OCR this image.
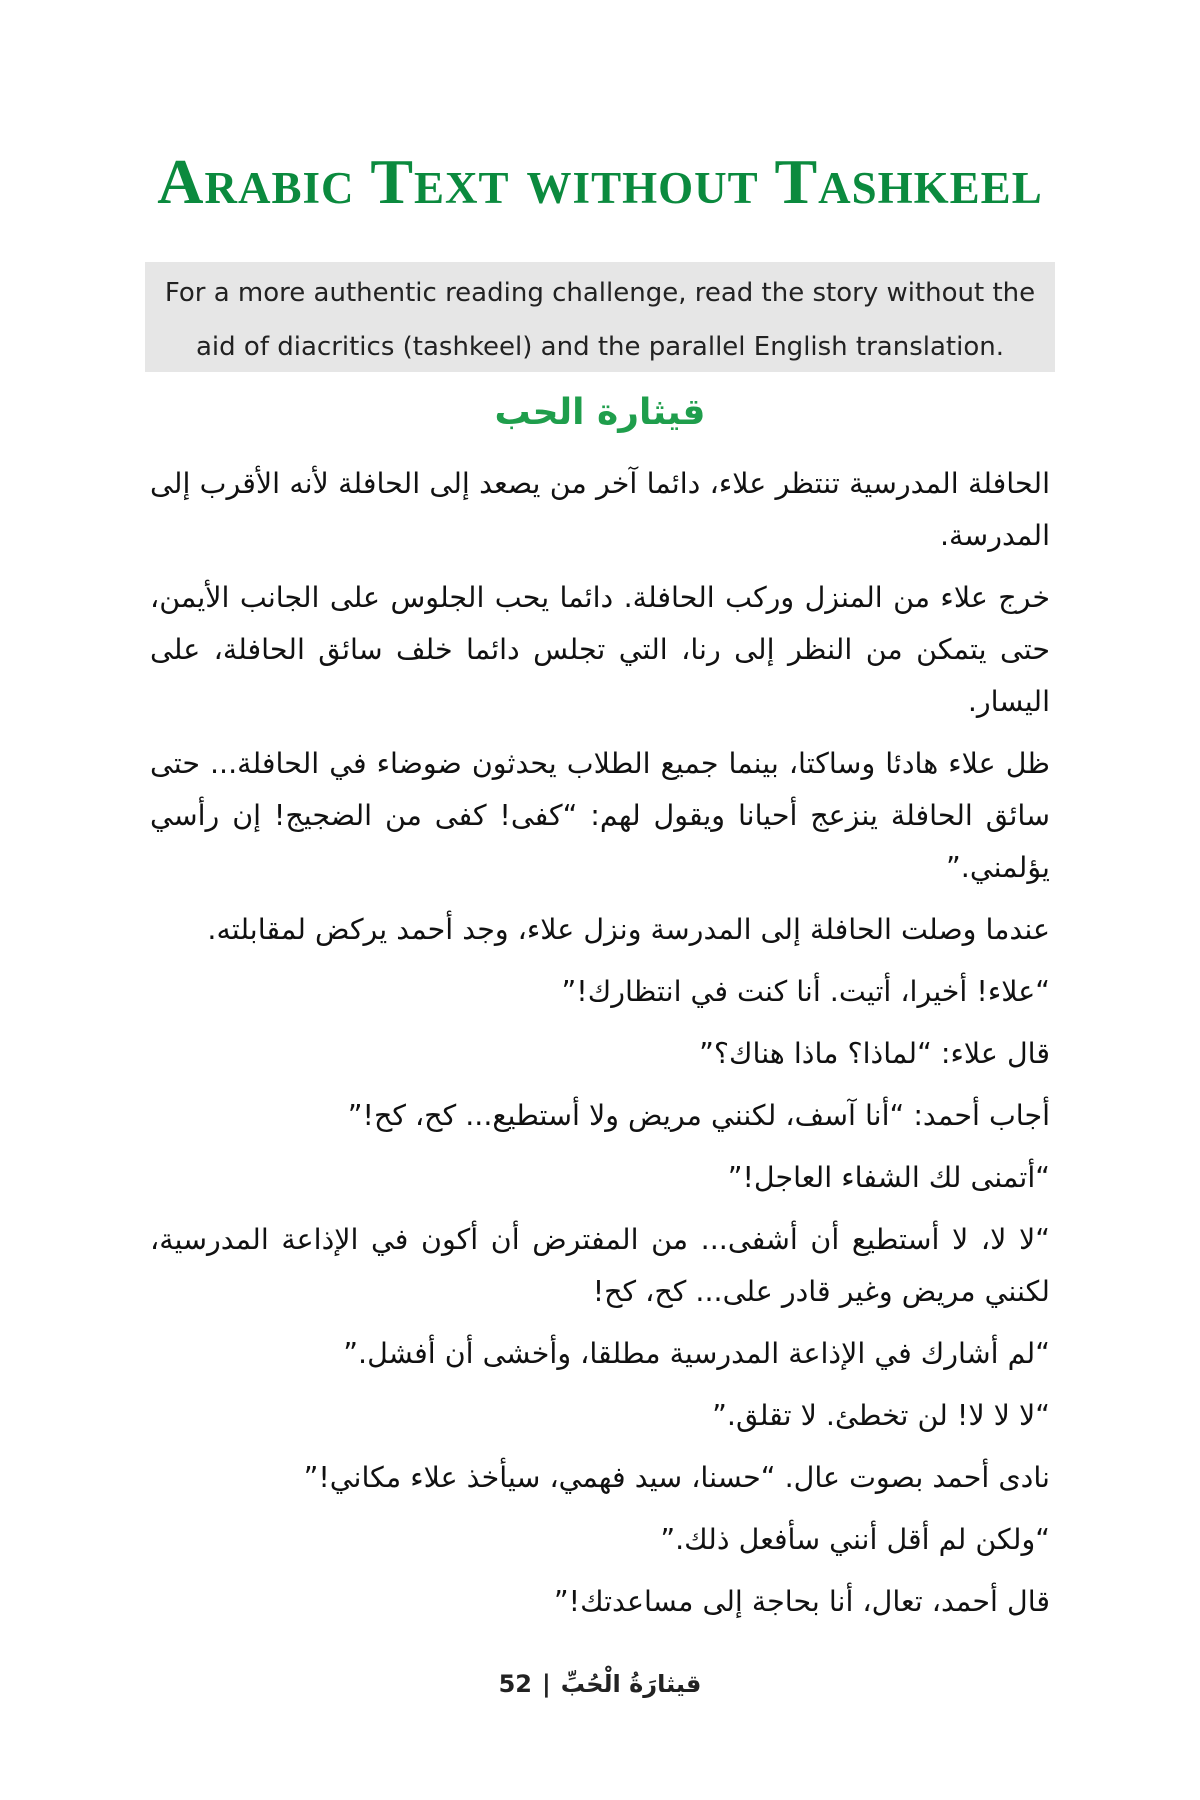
Arabic Text without Tashkeel
For a more authentic reading challenge, read the story without the
aid of diacritics (tashkeel) and the parallel English translation.
قيثارة الحب

الحافلة المدرسية تنتظر علاء، دائما آخر من يصعد إلى الحافلة لأنه الأقرب إلى المدرسة.

خرج علاء من المنزل وركب الحافلة. دائما يحب الجلوس على الجانب الأيمن، حتى يتمكن من النظر إلى رنا، التي تجلس دائما خلف سائق الحافلة، على اليسار.

ظل علاء هادئا وساكتا، بينما جميع الطلاب يحدثون ضوضاء في الحافلة... حتى سائق الحافلة ينزعج أحيانا ويقول لهم: “كفى! كفى من الضجيج! إن رأسي يؤلمني.”

عندما وصلت الحافلة إلى المدرسة ونزل علاء، وجد أحمد يركض لمقابلته.

“علاء! أخيرا، أتيت. أنا كنت في انتظارك!”

قال علاء: “لماذا؟ ماذا هناك؟”

أجاب أحمد: “أنا آسف، لكنني مريض ولا أستطيع... كح، كح!”

“أتمنى لك الشفاء العاجل!”

“لا لا، لا أستطيع أن أشفى... من المفترض أن أكون في الإذاعة المدرسية، لكنني مريض وغير قادر على... كح، كح!

“لم أشارك في الإذاعة المدرسية مطلقا، وأخشى أن أفشل.”

“لا لا لا! لن تخطئ. لا تقلق.”

نادى أحمد بصوت عال. “حسنا، سيد فهمي، سيأخذ علاء مكاني!”

“ولكن لم أقل أنني سأفعل ذلك.”

قال أحمد، تعال، أنا بحاجة إلى مساعدتك!”

52 | قيثارَةُ الْحُبِّ
